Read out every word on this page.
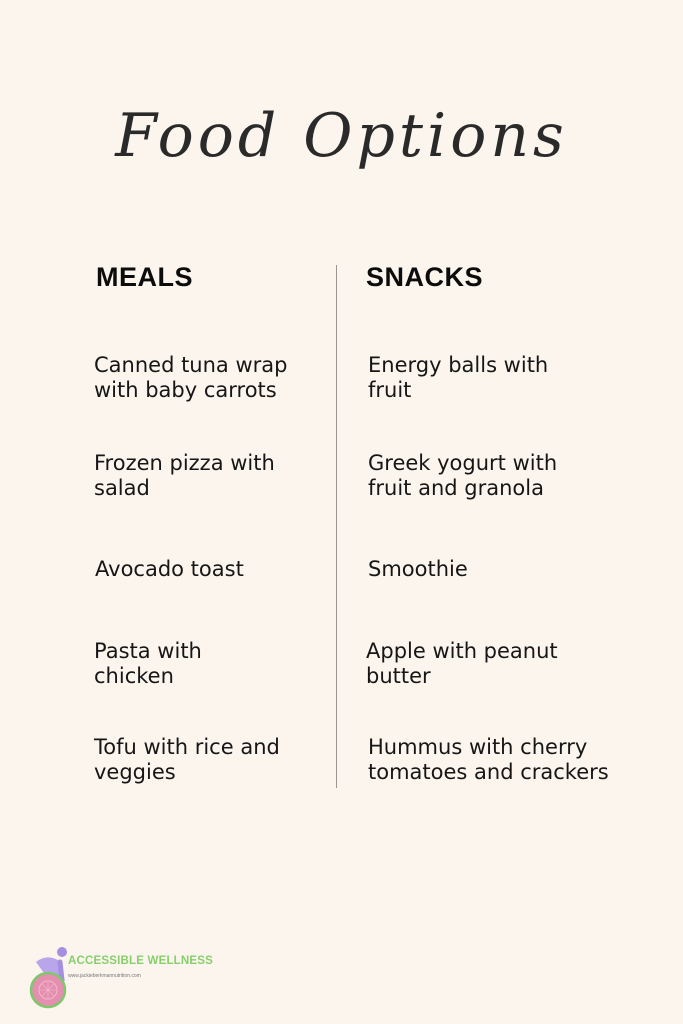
Food Options
MEALS	SNACKS
Canned tuna wrap with baby carrots
Frozen pizza with salad
Avocado toast
Pasta with chicken
Tofu with rice and veggies
Energy balls with fruit
Greek yogurt with fruit and granola
Smoothie
Apple with peanut butter
Hummus with cherry tomatoes and crackers
ACCESSIBLE WELLNESS
www.jackieberkmannutrition.com
